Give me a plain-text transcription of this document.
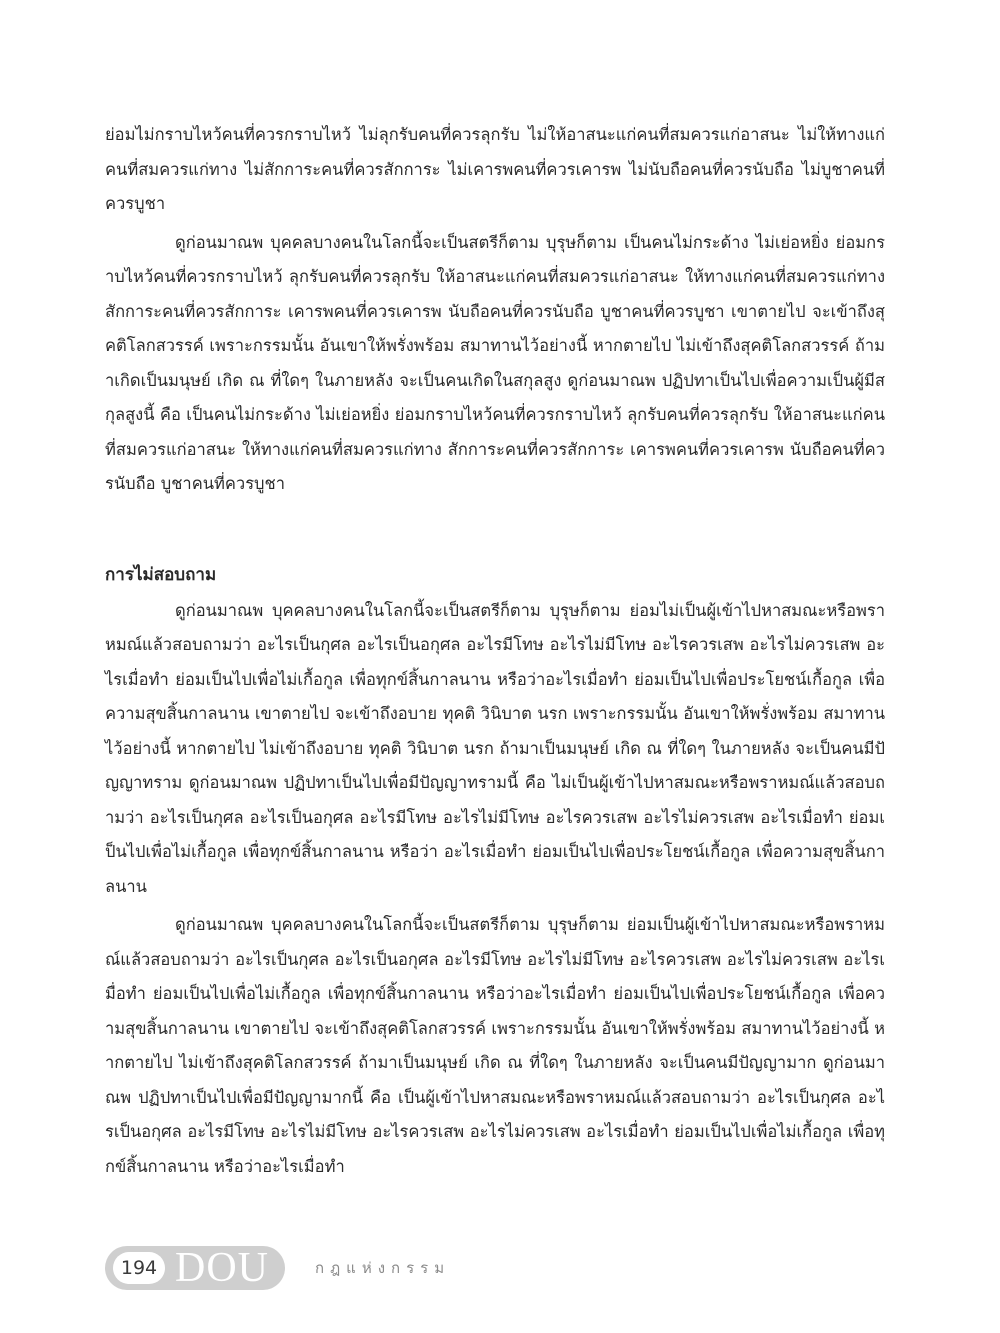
ย่อมไม่กราบไหว้คนที่ควรกราบไหว้ ไม่ลุกรับคนที่ควรลุกรับ ไม่ให้อาสนะแก่คนที่สมควรแก่อาสนะ ไม่ให้ทางแก่คนที่สมควรแก่ทาง ไม่สักการะคนที่ควรสักการะ ไม่เคารพคนที่ควรเคารพ ไม่นับถือคนที่ควรนับถือ ไม่บูชาคนที่ควรบูชา

ดูก่อนมาณพ บุคคลบางคนในโลกนี้จะเป็นสตรีก็ตาม บุรุษก็ตาม เป็นคนไม่กระด้าง ไม่เย่อหยิ่ง ย่อมกราบไหว้คนที่ควรกราบไหว้ ลุกรับคนที่ควรลุกรับ ให้อาสนะแก่คนที่สมควรแก่อาสนะ ให้ทางแก่คนที่สมควรแก่ทาง สักการะคนที่ควรสักการะ เคารพคนที่ควรเคารพ นับถือคนที่ควรนับถือ บูชาคนที่ควรบูชา เขาตายไป จะเข้าถึงสุคติโลกสวรรค์ เพราะกรรมนั้น อันเขาให้พรั่งพร้อม สมาทานไว้อย่างนี้ หากตายไป ไม่เข้าถึงสุคติโลกสวรรค์ ถ้ามาเกิดเป็นมนุษย์ เกิด ณ ที่ใดๆ ในภายหลัง จะเป็นคนเกิดในสกุลสูง ดูก่อนมาณพ ปฏิปทาเป็นไปเพื่อความเป็นผู้มีสกุลสูงนี้ คือ เป็นคนไม่กระด้าง ไม่เย่อหยิ่ง ย่อมกราบไหว้คนที่ควรกราบไหว้ ลุกรับคนที่ควรลุกรับ ให้อาสนะแก่คนที่สมควรแก่อาสนะ ให้ทางแก่คนที่สมควรแก่ทาง สักการะคนที่ควรสักการะ เคารพคนที่ควรเคารพ นับถือคนที่ควรนับถือ บูชาคนที่ควรบูชา

การไม่สอบถาม

ดูก่อนมาณพ บุคคลบางคนในโลกนี้จะเป็นสตรีก็ตาม บุรุษก็ตาม ย่อมไม่เป็นผู้เข้าไปหาสมณะหรือพราหมณ์แล้วสอบถามว่า อะไรเป็นกุศล อะไรเป็นอกุศล อะไรมีโทษ อะไรไม่มีโทษ อะไรควรเสพ อะไรไม่ควรเสพ อะไรเมื่อทำ ย่อมเป็นไปเพื่อไม่เกื้อกูล เพื่อทุกข์สิ้นกาลนาน หรือว่าอะไรเมื่อทำ ย่อมเป็นไปเพื่อประโยชน์เกื้อกูล เพื่อความสุขสิ้นกาลนาน เขาตายไป จะเข้าถึงอบาย ทุคติ วินิบาต นรก เพราะกรรมนั้น อันเขาให้พรั่งพร้อม สมาทานไว้อย่างนี้ หากตายไป ไม่เข้าถึงอบาย ทุคติ วินิบาต นรก ถ้ามาเป็นมนุษย์ เกิด ณ ที่ใดๆ ในภายหลัง จะเป็นคนมีปัญญาทราม ดูก่อนมาณพ ปฏิปทาเป็นไปเพื่อมีปัญญาทรามนี้ คือ ไม่เป็นผู้เข้าไปหาสมณะหรือพราหมณ์แล้วสอบถามว่า อะไรเป็นกุศล อะไรเป็นอกุศล อะไรมีโทษ อะไรไม่มีโทษ อะไรควรเสพ อะไรไม่ควรเสพ อะไรเมื่อทำ ย่อมเป็นไปเพื่อไม่เกื้อกูล เพื่อทุกข์สิ้นกาลนาน หรือว่า อะไรเมื่อทำ ย่อมเป็นไปเพื่อประโยชน์เกื้อกูล เพื่อความสุขสิ้นกาลนาน

ดูก่อนมาณพ บุคคลบางคนในโลกนี้จะเป็นสตรีก็ตาม บุรุษก็ตาม ย่อมเป็นผู้เข้าไปหาสมณะหรือพราหมณ์แล้วสอบถามว่า อะไรเป็นกุศล อะไรเป็นอกุศล อะไรมีโทษ อะไรไม่มีโทษ อะไรควรเสพ อะไรไม่ควรเสพ อะไรเมื่อทำ ย่อมเป็นไปเพื่อไม่เกื้อกูล เพื่อทุกข์สิ้นกาลนาน หรือว่าอะไรเมื่อทำ ย่อมเป็นไปเพื่อประโยชน์เกื้อกูล เพื่อความสุขสิ้นกาลนาน เขาตายไป จะเข้าถึงสุคติโลกสวรรค์ เพราะกรรมนั้น อันเขาให้พรั่งพร้อม สมาทานไว้อย่างนี้ หากตายไป ไม่เข้าถึงสุคติโลกสวรรค์ ถ้ามาเป็นมนุษย์ เกิด ณ ที่ใดๆ ในภายหลัง จะเป็นคนมีปัญญามาก ดูก่อนมาณพ ปฏิปทาเป็นไปเพื่อมีปัญญามากนี้ คือ เป็นผู้เข้าไปหาสมณะหรือพราหมณ์แล้วสอบถามว่า อะไรเป็นกุศล อะไรเป็นอกุศล อะไรมีโทษ อะไรไม่มีโทษ อะไรควรเสพ อะไรไม่ควรเสพ อะไรเมื่อทำ ย่อมเป็นไปเพื่อไม่เกื้อกูล เพื่อทุกข์สิ้นกาลนาน หรือว่าอะไรเมื่อทำ

194 DOU	กฎแห่งกรรม
